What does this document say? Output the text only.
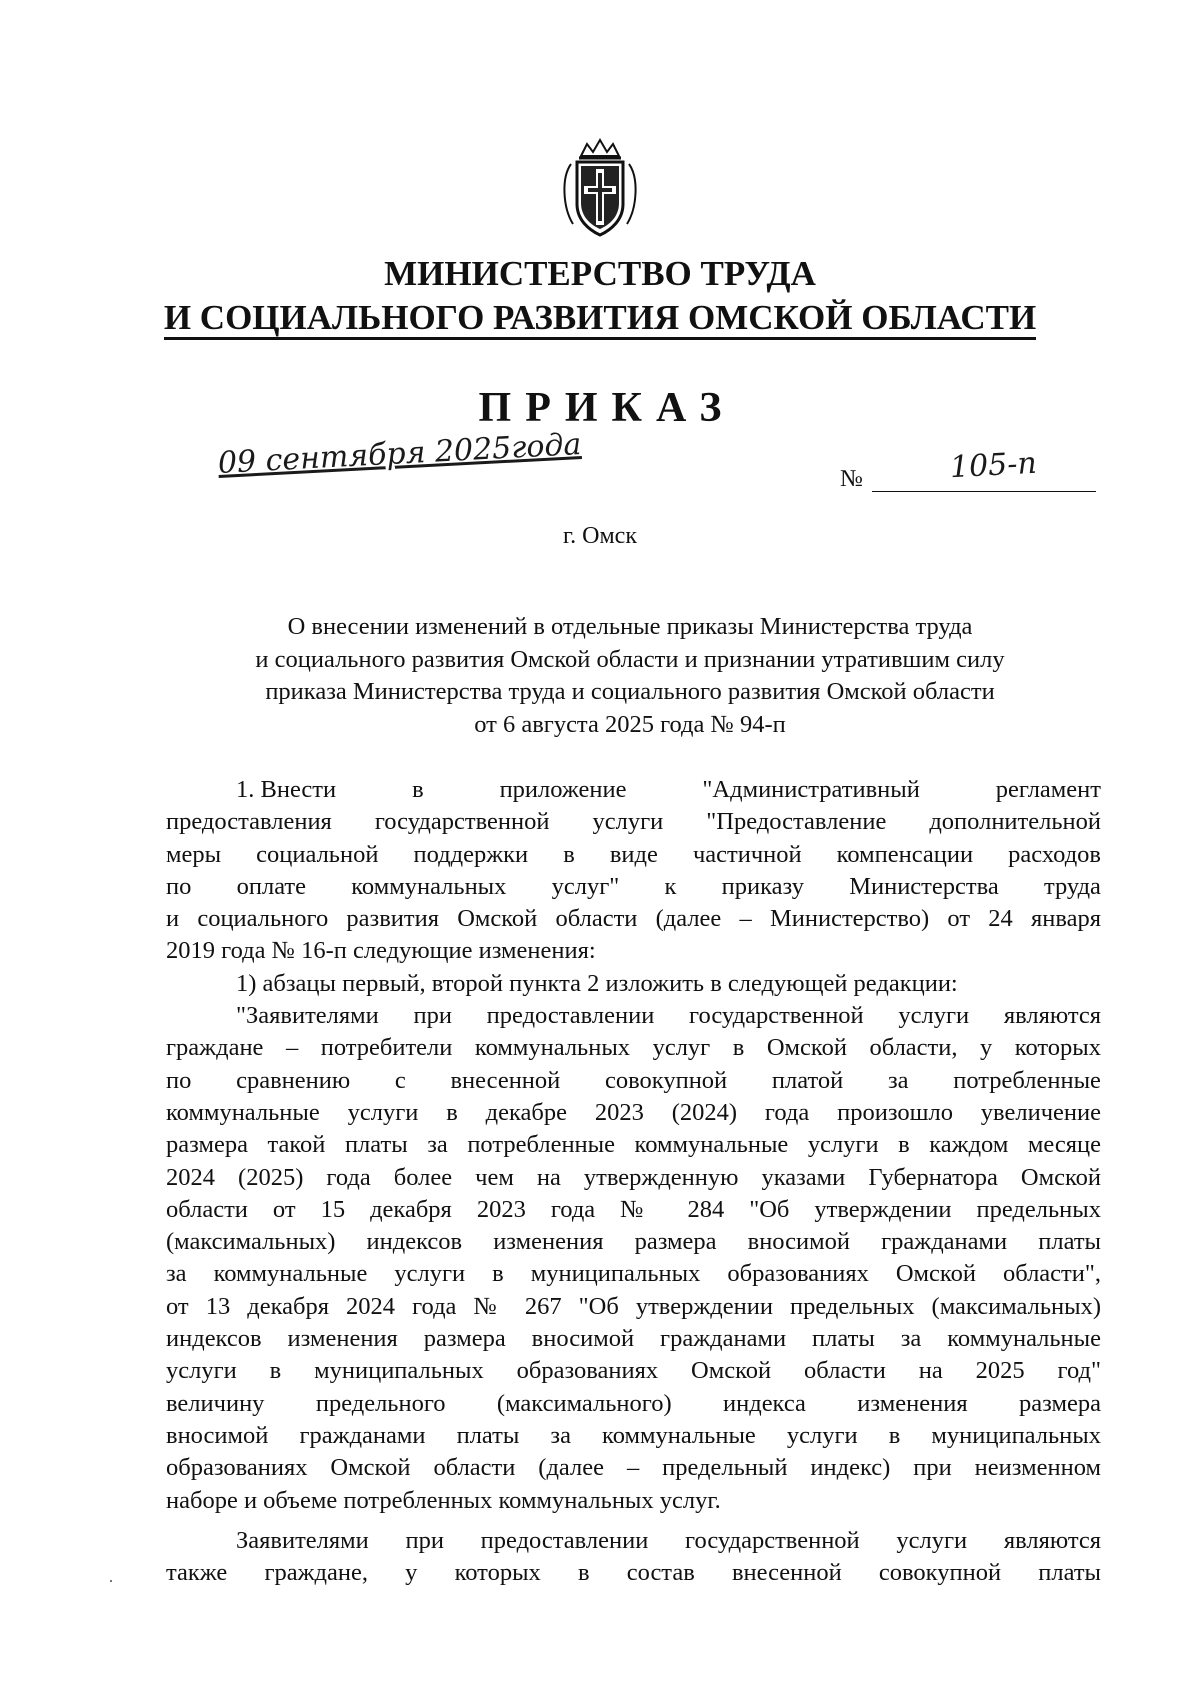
МИНИСТЕРСТВО ТРУДА
И СОЦИАЛЬНОГО РАЗВИТИЯ ОМСКОЙ ОБЛАСТИ
ПРИКАЗ
09 сентября 2025года	№	105-п
г. Омск
О внесении изменений в отдельные приказы Министерства труда
и социального развития Омской области и признании утратившим силу
приказа Министерства труда и социального развития Омской области
от 6 августа 2025 года № 94-п
1. Внести	в	приложение	"Административный	регламент
предоставления государственной услуги "Предоставление дополнительной
меры социальной поддержки в виде частичной компенсации расходов
по оплате коммунальных услуг" к приказу Министерства труда
и социального развития Омской области (далее – Министерство) от 24 января
2019 года № 16-п следующие изменения:
1) абзацы первый, второй пункта 2 изложить в следующей редакции:
"Заявителями при предоставлении государственной услуги являются
граждане – потребители коммунальных услуг в Омской области, у которых
по сравнению с внесенной совокупной платой за потребленные
коммунальные услуги в декабре 2023 (2024) года произошло увеличение
размера такой платы за потребленные коммунальные услуги в каждом месяце
2024 (2025) года более чем на утвержденную указами Губернатора Омской
области от 15 декабря 2023 года № 284 "Об утверждении предельных
(максимальных) индексов изменения размера вносимой гражданами платы
за коммунальные услуги в муниципальных образованиях Омской области",
от 13 декабря 2024 года № 267 "Об утверждении предельных (максимальных)
индексов изменения размера вносимой гражданами платы за коммунальные
услуги в муниципальных образованиях Омской области на 2025 год"
величину предельного (максимального) индекса изменения размера
вносимой гражданами платы за коммунальные услуги в муниципальных
образованиях Омской области (далее – предельный индекс) при неизменном
наборе и объеме потребленных коммунальных услуг.
Заявителями при предоставлении государственной услуги являются
также граждане, у которых в состав внесенной совокупной платы
